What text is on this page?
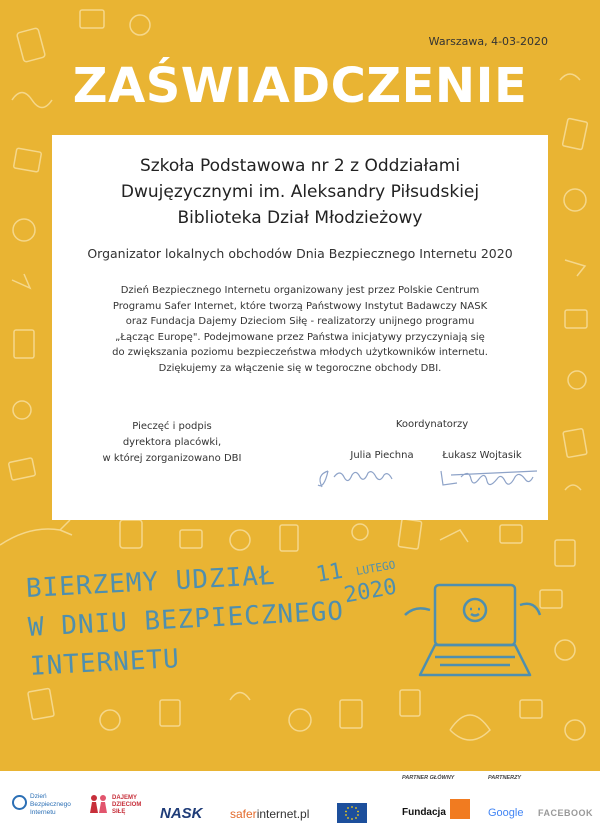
Warszawa, 4-03-2020
ZAŚWIADCZENIE
Szkoła Podstawowa nr 2 z Oddziałami
Dwujęzycznymi im. Aleksandry Piłsudskiej
Biblioteka Dział Młodzieżowy
Organizator lokalnych obchodów Dnia Bezpiecznego Internetu 2020
Dzień Bezpiecznego Internetu organizowany jest przez Polskie Centrum
Programu Safer Internet, które tworzą Państwowy Instytut Badawczy NASK
oraz Fundacja Dajemy Dzieciom Siłę - realizatorzy unijnego programu
„Łącząc Europę". Podejmowane przez Państwa inicjatywy przyczyniają się
do zwiększania poziomu bezpieczeństwa młodych użytkowników internetu.
Dziękujemy za włączenie się w tegoroczne obchody DBI.
Pieczęć i podpis
dyrektora placówki,
w której zorganizowano DBI
Koordynatorzy
Julia Piechna	Łukasz Wojtasik
BIERZEMY UDZIAŁ
W DNIU BEZPIECZNEGO
INTERNETU
11 LUTEGO
2020
Dzień
Bezpiecznego
Internetu
DAJEMY
DZIECIOM
SIŁĘ	NASK saferinternet.pl
PARTNER GŁÓWNY	PARTNERZY
Fundacja	Google FACEBOOK
